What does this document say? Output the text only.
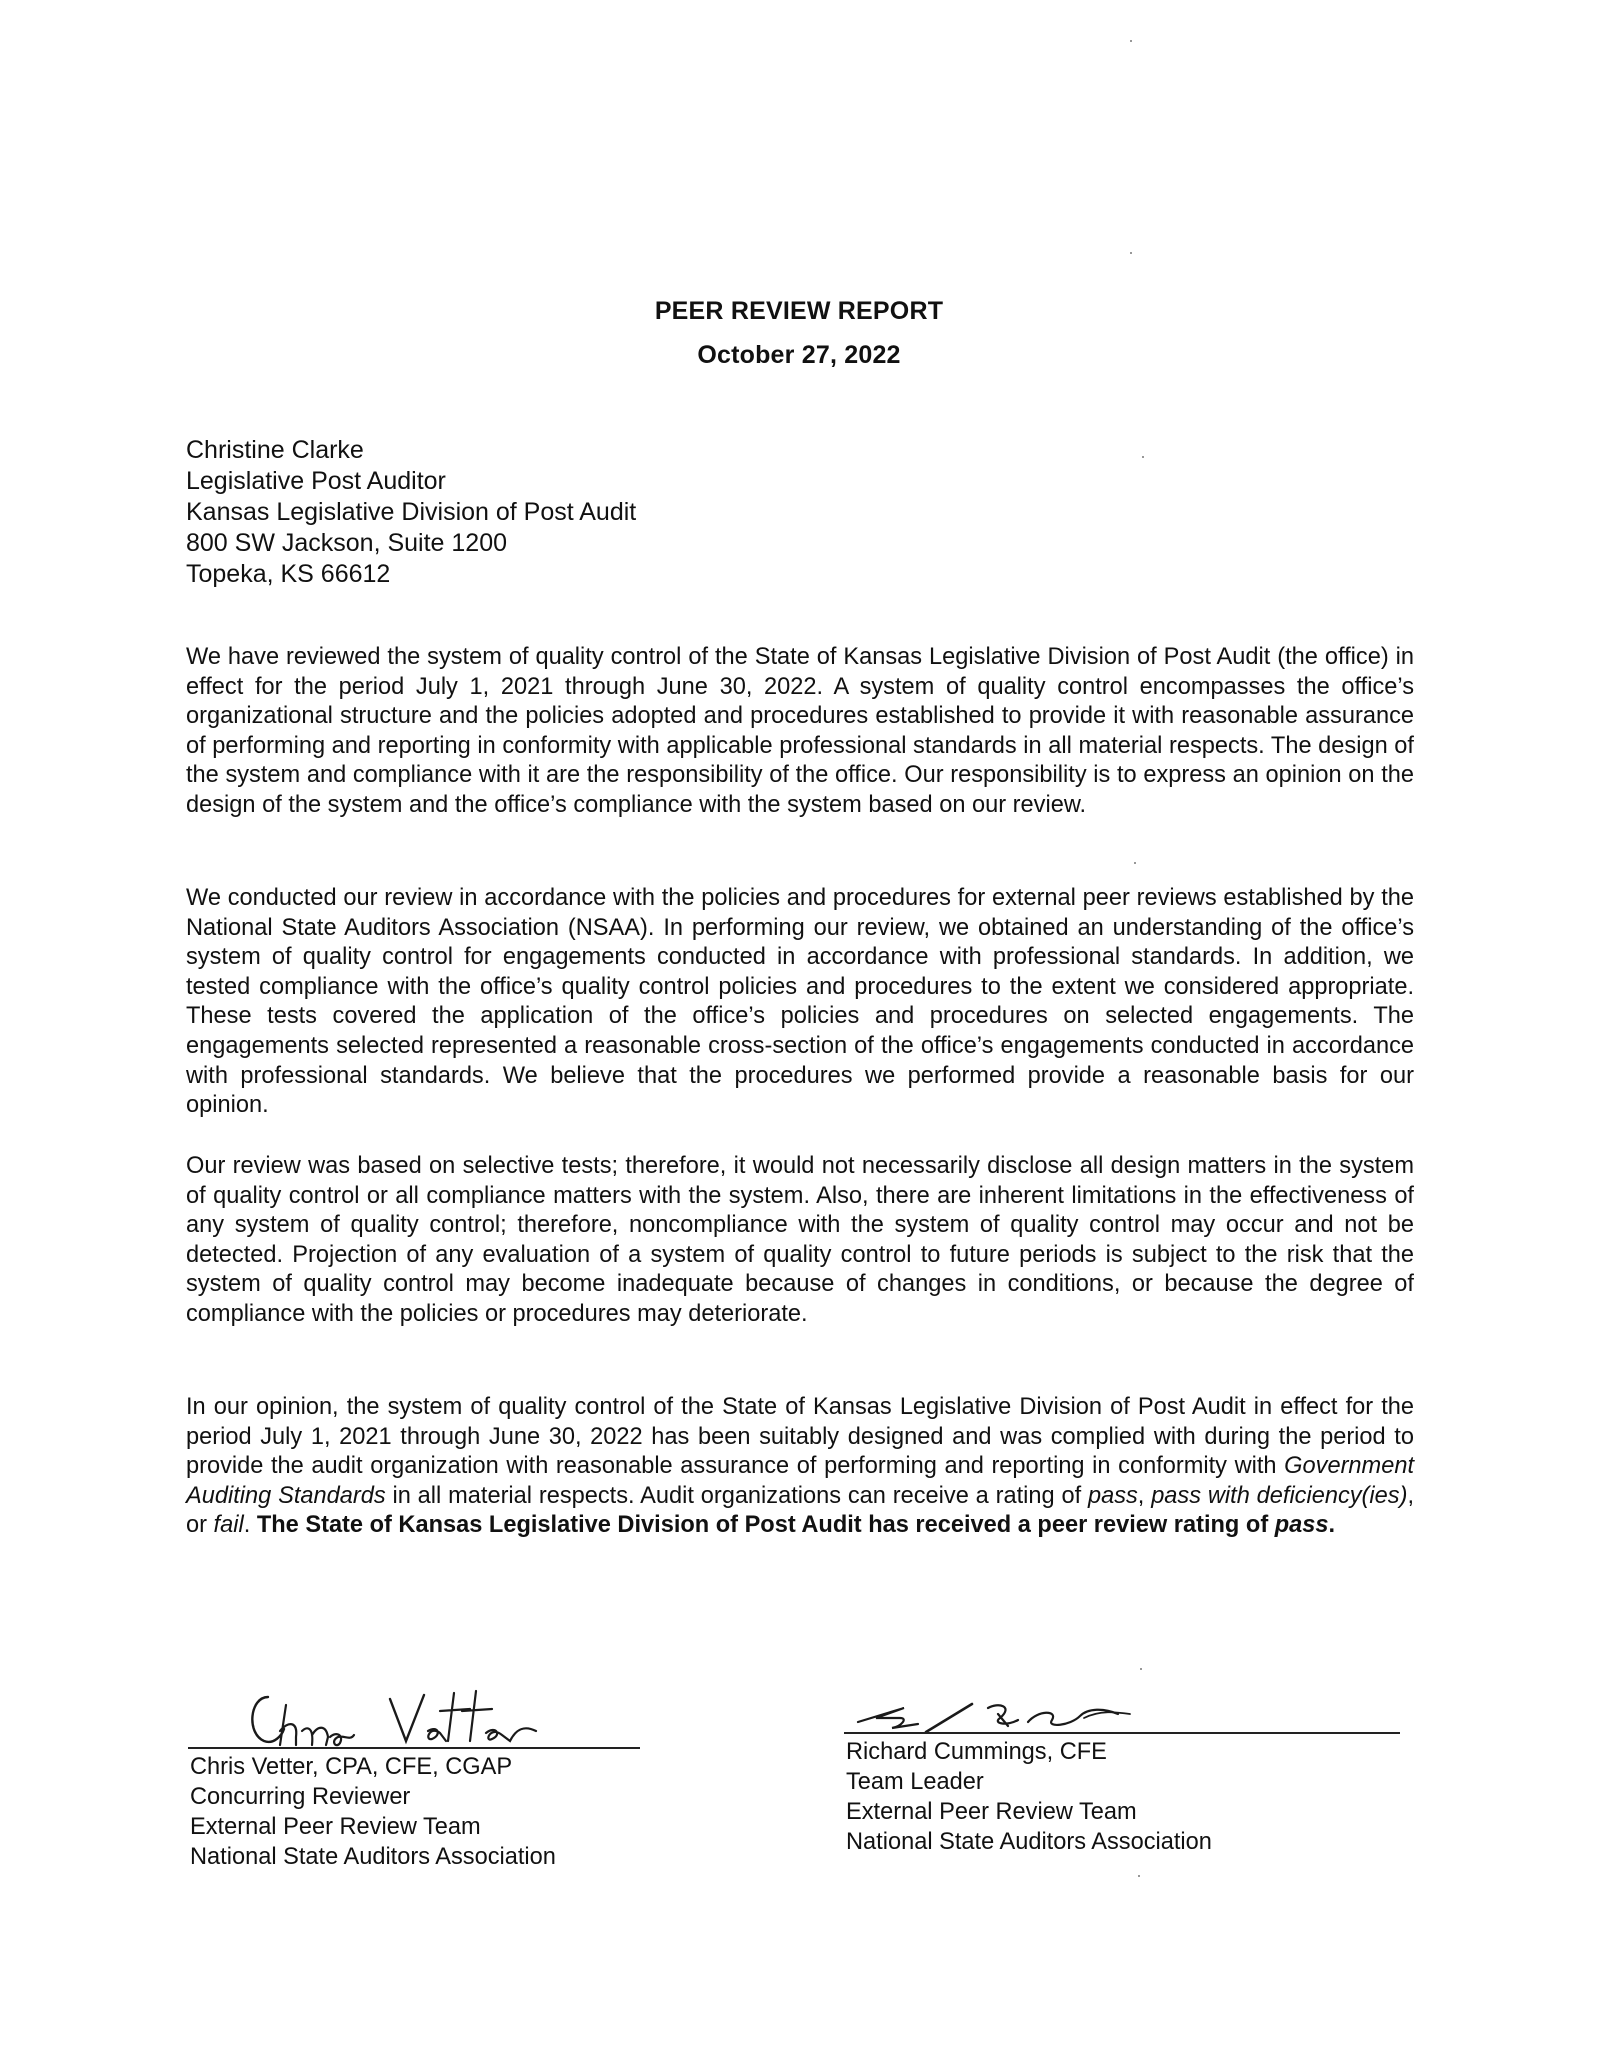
PEER REVIEW REPORT
October 27, 2022
Christine Clarke
Legislative Post Auditor
Kansas Legislative Division of Post Audit
800 SW Jackson, Suite 1200
Topeka, KS 66612
We have reviewed the system of quality control of the State of Kansas Legislative Division of Post Audit (the office) in effect for the period July 1, 2021 through June 30, 2022. A system of quality control encompasses the office’s organizational structure and the policies adopted and procedures established to provide it with reasonable assurance of performing and reporting in conformity with applicable professional standards in all material respects. The design of the system and compliance with it are the responsibility of the office. Our responsibility is to express an opinion on the design of the system and the office’s compliance with the system based on our review.
We conducted our review in accordance with the policies and procedures for external peer reviews established by the National State Auditors Association (NSAA). In performing our review, we obtained an understanding of the office’s system of quality control for engagements conducted in accordance with professional standards. In addition, we tested compliance with the office’s quality control policies and procedures to the extent we considered appropriate. These tests covered the application of the office’s policies and procedures on selected engagements. The engagements selected represented a reasonable cross-section of the office’s engagements conducted in accordance with professional standards. We believe that the procedures we performed provide a reasonable basis for our opinion.
Our review was based on selective tests; therefore, it would not necessarily disclose all design matters in the system of quality control or all compliance matters with the system. Also, there are inherent limitations in the effectiveness of any system of quality control; therefore, noncompliance with the system of quality control may occur and not be detected. Projection of any evaluation of a system of quality control to future periods is subject to the risk that the system of quality control may become inadequate because of changes in conditions, or because the degree of compliance with the policies or procedures may deteriorate.
In our opinion, the system of quality control of the State of Kansas Legislative Division of Post Audit in effect for the period July 1, 2021 through June 30, 2022 has been suitably designed and was complied with during the period to provide the audit organization with reasonable assurance of performing and reporting in conformity with Government Auditing Standards in all material respects. Audit organizations can receive a rating of pass, pass with deficiency(ies), or fail. The State of Kansas Legislative Division of Post Audit has received a peer review rating of pass.
Chris Vetter, CPA, CFE, CGAP
Concurring Reviewer
External Peer Review Team
National State Auditors Association
Richard Cummings, CFE
Team Leader
External Peer Review Team
National State Auditors Association
